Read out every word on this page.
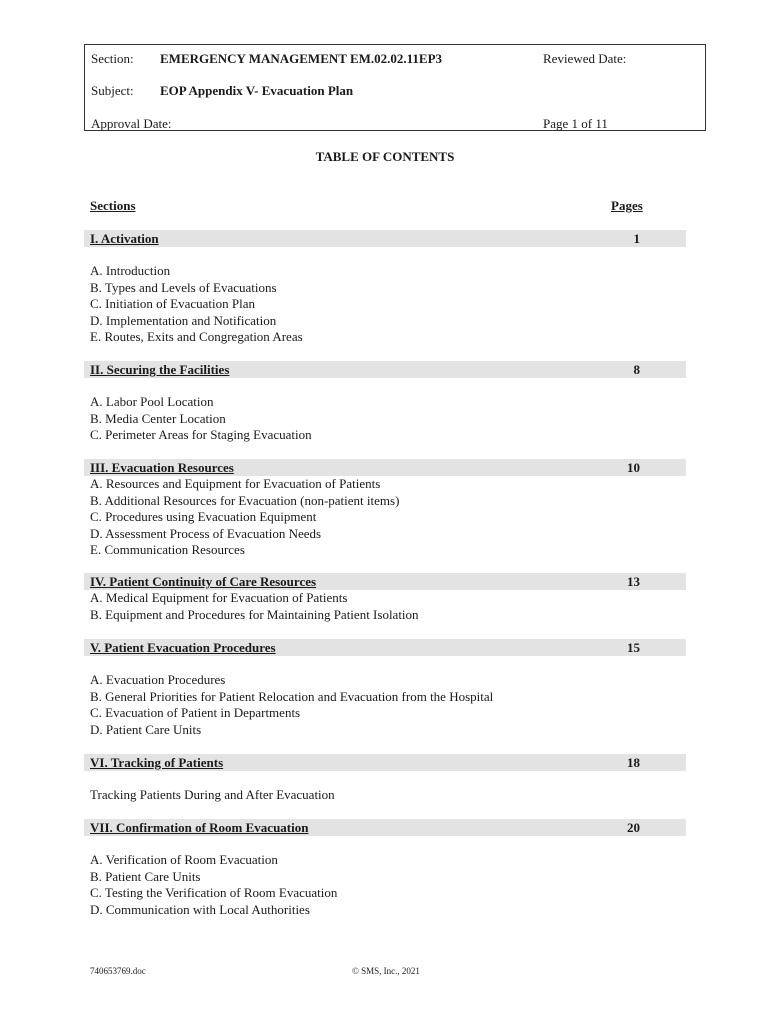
Section: EMERGENCY MANAGEMENT EM.02.02.11EP3	Reviewed Date:
Subject: EOP Appendix V- Evacuation Plan
Approval Date:	Page 1 of 11
TABLE OF CONTENTS
Sections	Pages
I. Activation	1
A. Introduction
B. Types and Levels of Evacuations
C. Initiation of Evacuation Plan
D. Implementation and Notification
E. Routes, Exits and Congregation Areas
II. Securing the Facilities	8
A. Labor Pool Location
B. Media Center Location
C. Perimeter Areas for Staging Evacuation
III. Evacuation Resources	10
A. Resources and Equipment for Evacuation of Patients
B. Additional Resources for Evacuation (non-patient items)
C. Procedures using Evacuation Equipment
D. Assessment Process of Evacuation Needs
E. Communication Resources
IV. Patient Continuity of Care Resources	13
A. Medical Equipment for Evacuation of Patients
B. Equipment and Procedures for Maintaining Patient Isolation
V. Patient Evacuation Procedures	15
A. Evacuation Procedures
B. General Priorities for Patient Relocation and Evacuation from the Hospital
C. Evacuation of Patient in Departments
D. Patient Care Units
VI. Tracking of Patients	18
Tracking Patients During and After Evacuation
VII. Confirmation of Room Evacuation	20
A. Verification of Room Evacuation
B. Patient Care Units
C. Testing the Verification of Room Evacuation
D. Communication with Local Authorities
740653769.doc	© SMS, Inc., 2021
